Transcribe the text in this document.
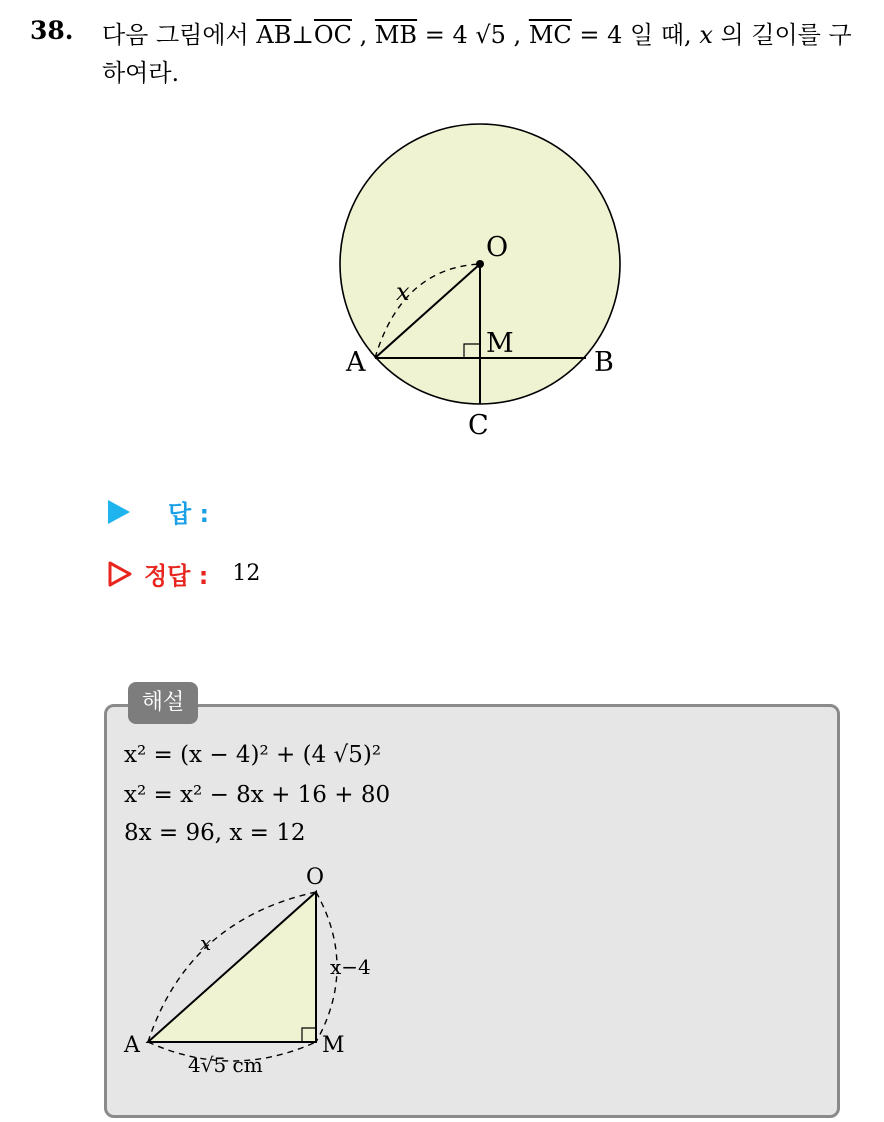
38. 다음 그림에서 $\overline{AB}\perp\overline{OC}$ , $\overline{MB} = 4$ √5 , $\overline{MC} = 4$ 일 때, x 의 길이를 구하여라.
O
A	B
C
M
x
답 :
정답 : 12
해설
x² = (x − 4)² + (4 √5)²
x² = x² − 8x + 16 + 80
8x = 96, x = 12
O
A	M
x
x−4
4√5 cm
